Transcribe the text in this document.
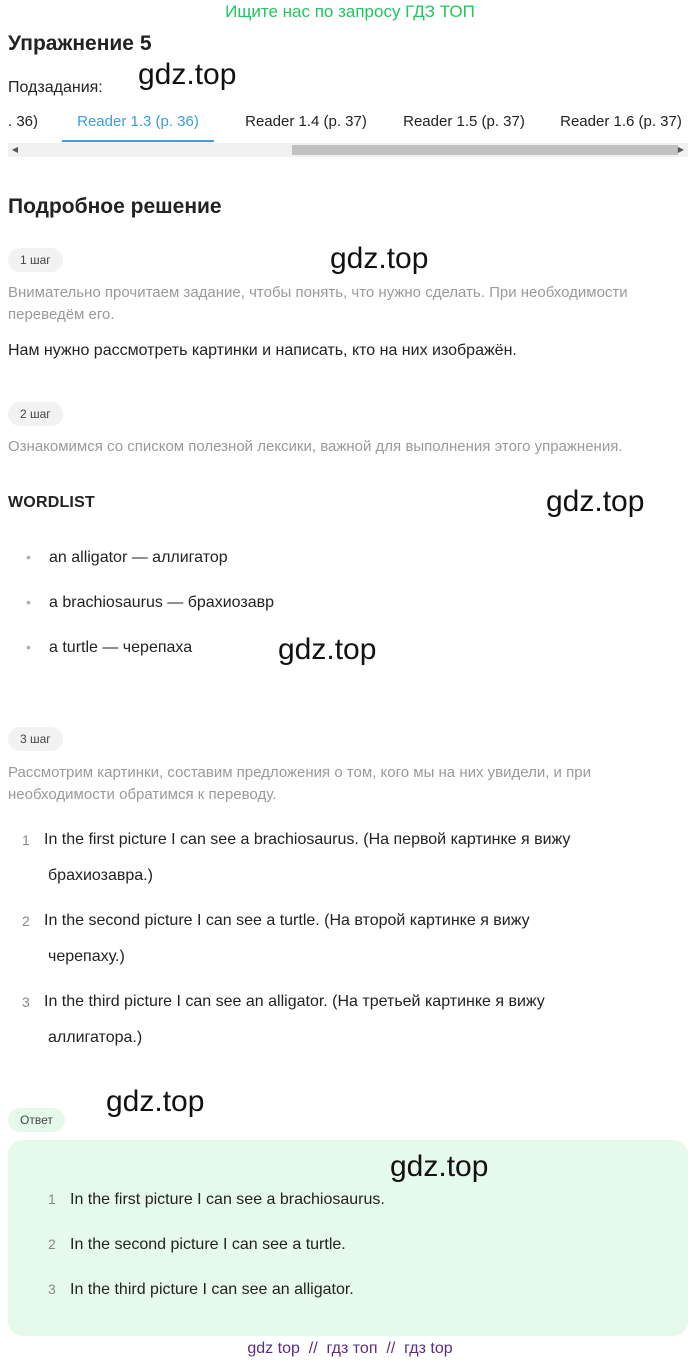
Ищите нас по запросу ГДЗ ТОП
Упражнение 5
Подзадания: gdz.top
. 36)	Reader 1.3 (p. 36)	Reader 1.4 (p. 37)	Reader 1.5 (p. 37)	Reader 1.6 (p. 37)
◀	▶
Подробное решение
1 шаг	gdz.top
Внимательно прочитаем задание, чтобы понять, что нужно сделать. При необходимости переведём его.
Нам нужно рассмотреть картинки и написать, кто на них изображён.
2 шаг
Ознакомимся со списком полезной лексики, важной для выполнения этого упражнения.
WORDLIST	gdz.top
• an alligator — аллигатор
• a brachiosaurus — брахиозавр
• a turtle — черепаха	gdz.top
3 шаг
Рассмотрим картинки, составим предложения о том, кого мы на них увидели, и при необходимости обратимся к переводу.
1 In the first picture I can see a brachiosaurus. (На первой картинке я вижу
брахиозавра.)
2 In the second picture I can see a turtle. (На второй картинке я вижу
черепаху.)
3 In the third picture I can see an alligator. (На третьей картинке я вижу
аллигатора.)
Ответ
gdz.top
gdz.top
1 In the first picture I can see a brachiosaurus.
2 In the second picture I can see a turtle.
3 In the third picture I can see an alligator.
gdz top  //  гдз топ  //  гдз top
